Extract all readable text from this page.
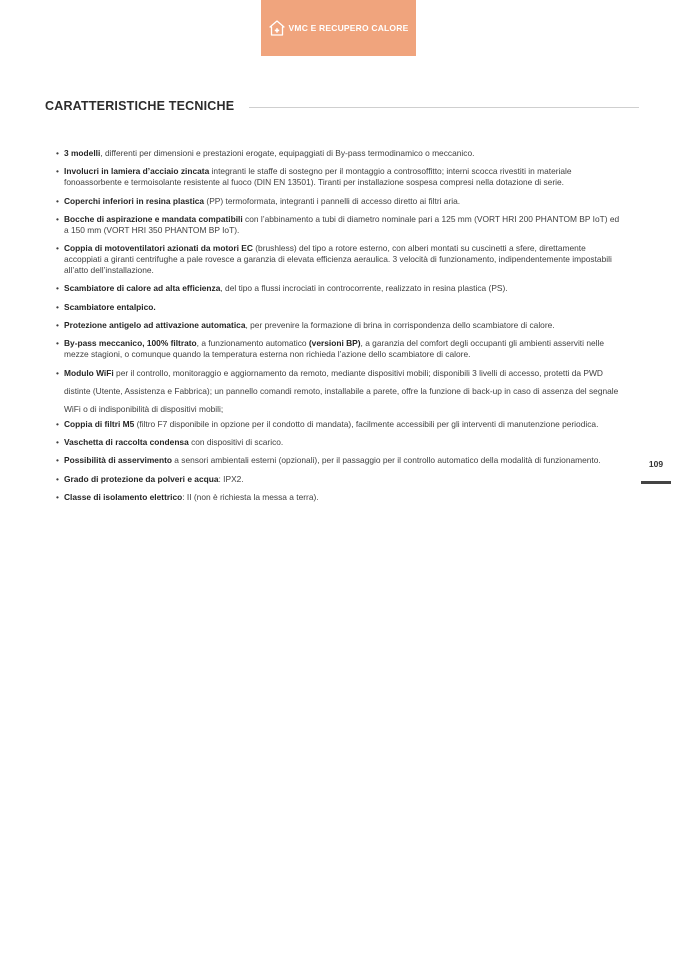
VMC E RECUPERO CALORE
CARATTERISTICHE TECNICHE
• 3 modelli, differenti per dimensioni e prestazioni erogate, equipaggiati di By-pass termodinamico o meccanico.
• Involucri in lamiera d’acciaio zincata integranti le staffe di sostegno per il montaggio a controsoffitto; interni scocca rivestiti in materiale fonoassorbente e termoisolante resistente al fuoco (DIN EN 13501). Tiranti per installazione sospesa compresi nella dotazione di serie.
• Coperchi inferiori in resina plastica (PP) termoformata, integranti i pannelli di accesso diretto ai filtri aria.
• Bocche di aspirazione e mandata compatibili con l’abbinamento a tubi di diametro nominale pari a 125 mm (VORT HRI 200 PHANTOM BP IoT) ed a 150 mm (VORT HRI 350 PHANTOM BP IoT).
• Coppia di motoventilatori azionati da motori EC (brushless) del tipo a rotore esterno, con alberi montati su cuscinetti a sfere, direttamente accoppiati a giranti centrifughe a pale rovesce a garanzia di elevata efficienza aeraulica. 3 velocità di funzionamento, indipendentemente impostabili all’atto dell’installazione.
• Scambiatore di calore ad alta efficienza, del tipo a flussi incrociati in controcorrente, realizzato in resina plastica (PS).
• Scambiatore entalpico.
• Protezione antigelo ad attivazione automatica, per prevenire la formazione di brina in corrispondenza dello scambiatore di calore.
• By-pass meccanico, 100% filtrato, a funzionamento automatico (versioni BP), a garanzia del comfort degli occupanti gli ambienti asserviti nelle mezze stagioni, o comunque quando la temperatura esterna non richieda l’azione dello scambiatore di calore.
• Modulo WiFi per il controllo, monitoraggio e aggiornamento da remoto, mediante dispositivi mobili; disponibili 3 livelli di accesso, protetti da PWD distinte (Utente, Assistenza e Fabbrica); un pannello comandi remoto, installabile a parete, offre la funzione di back-up in caso di assenza del segnale WiFi o di indisponibilità di dispositivi mobili;
• Coppia di filtri M5 (filtro F7 disponibile in opzione per il condotto di mandata), facilmente accessibili per gli interventi di manutenzione periodica.
• Vaschetta di raccolta condensa con dispositivi di scarico.
• Possibilità di asservimento a sensori ambientali esterni (opzionali), per il passaggio per il controllo automatico della modalità di funzionamento.
• Grado di protezione da polveri e acqua: IPX2.
• Classe di isolamento elettrico: II (non è richiesta la messa a terra).
109
